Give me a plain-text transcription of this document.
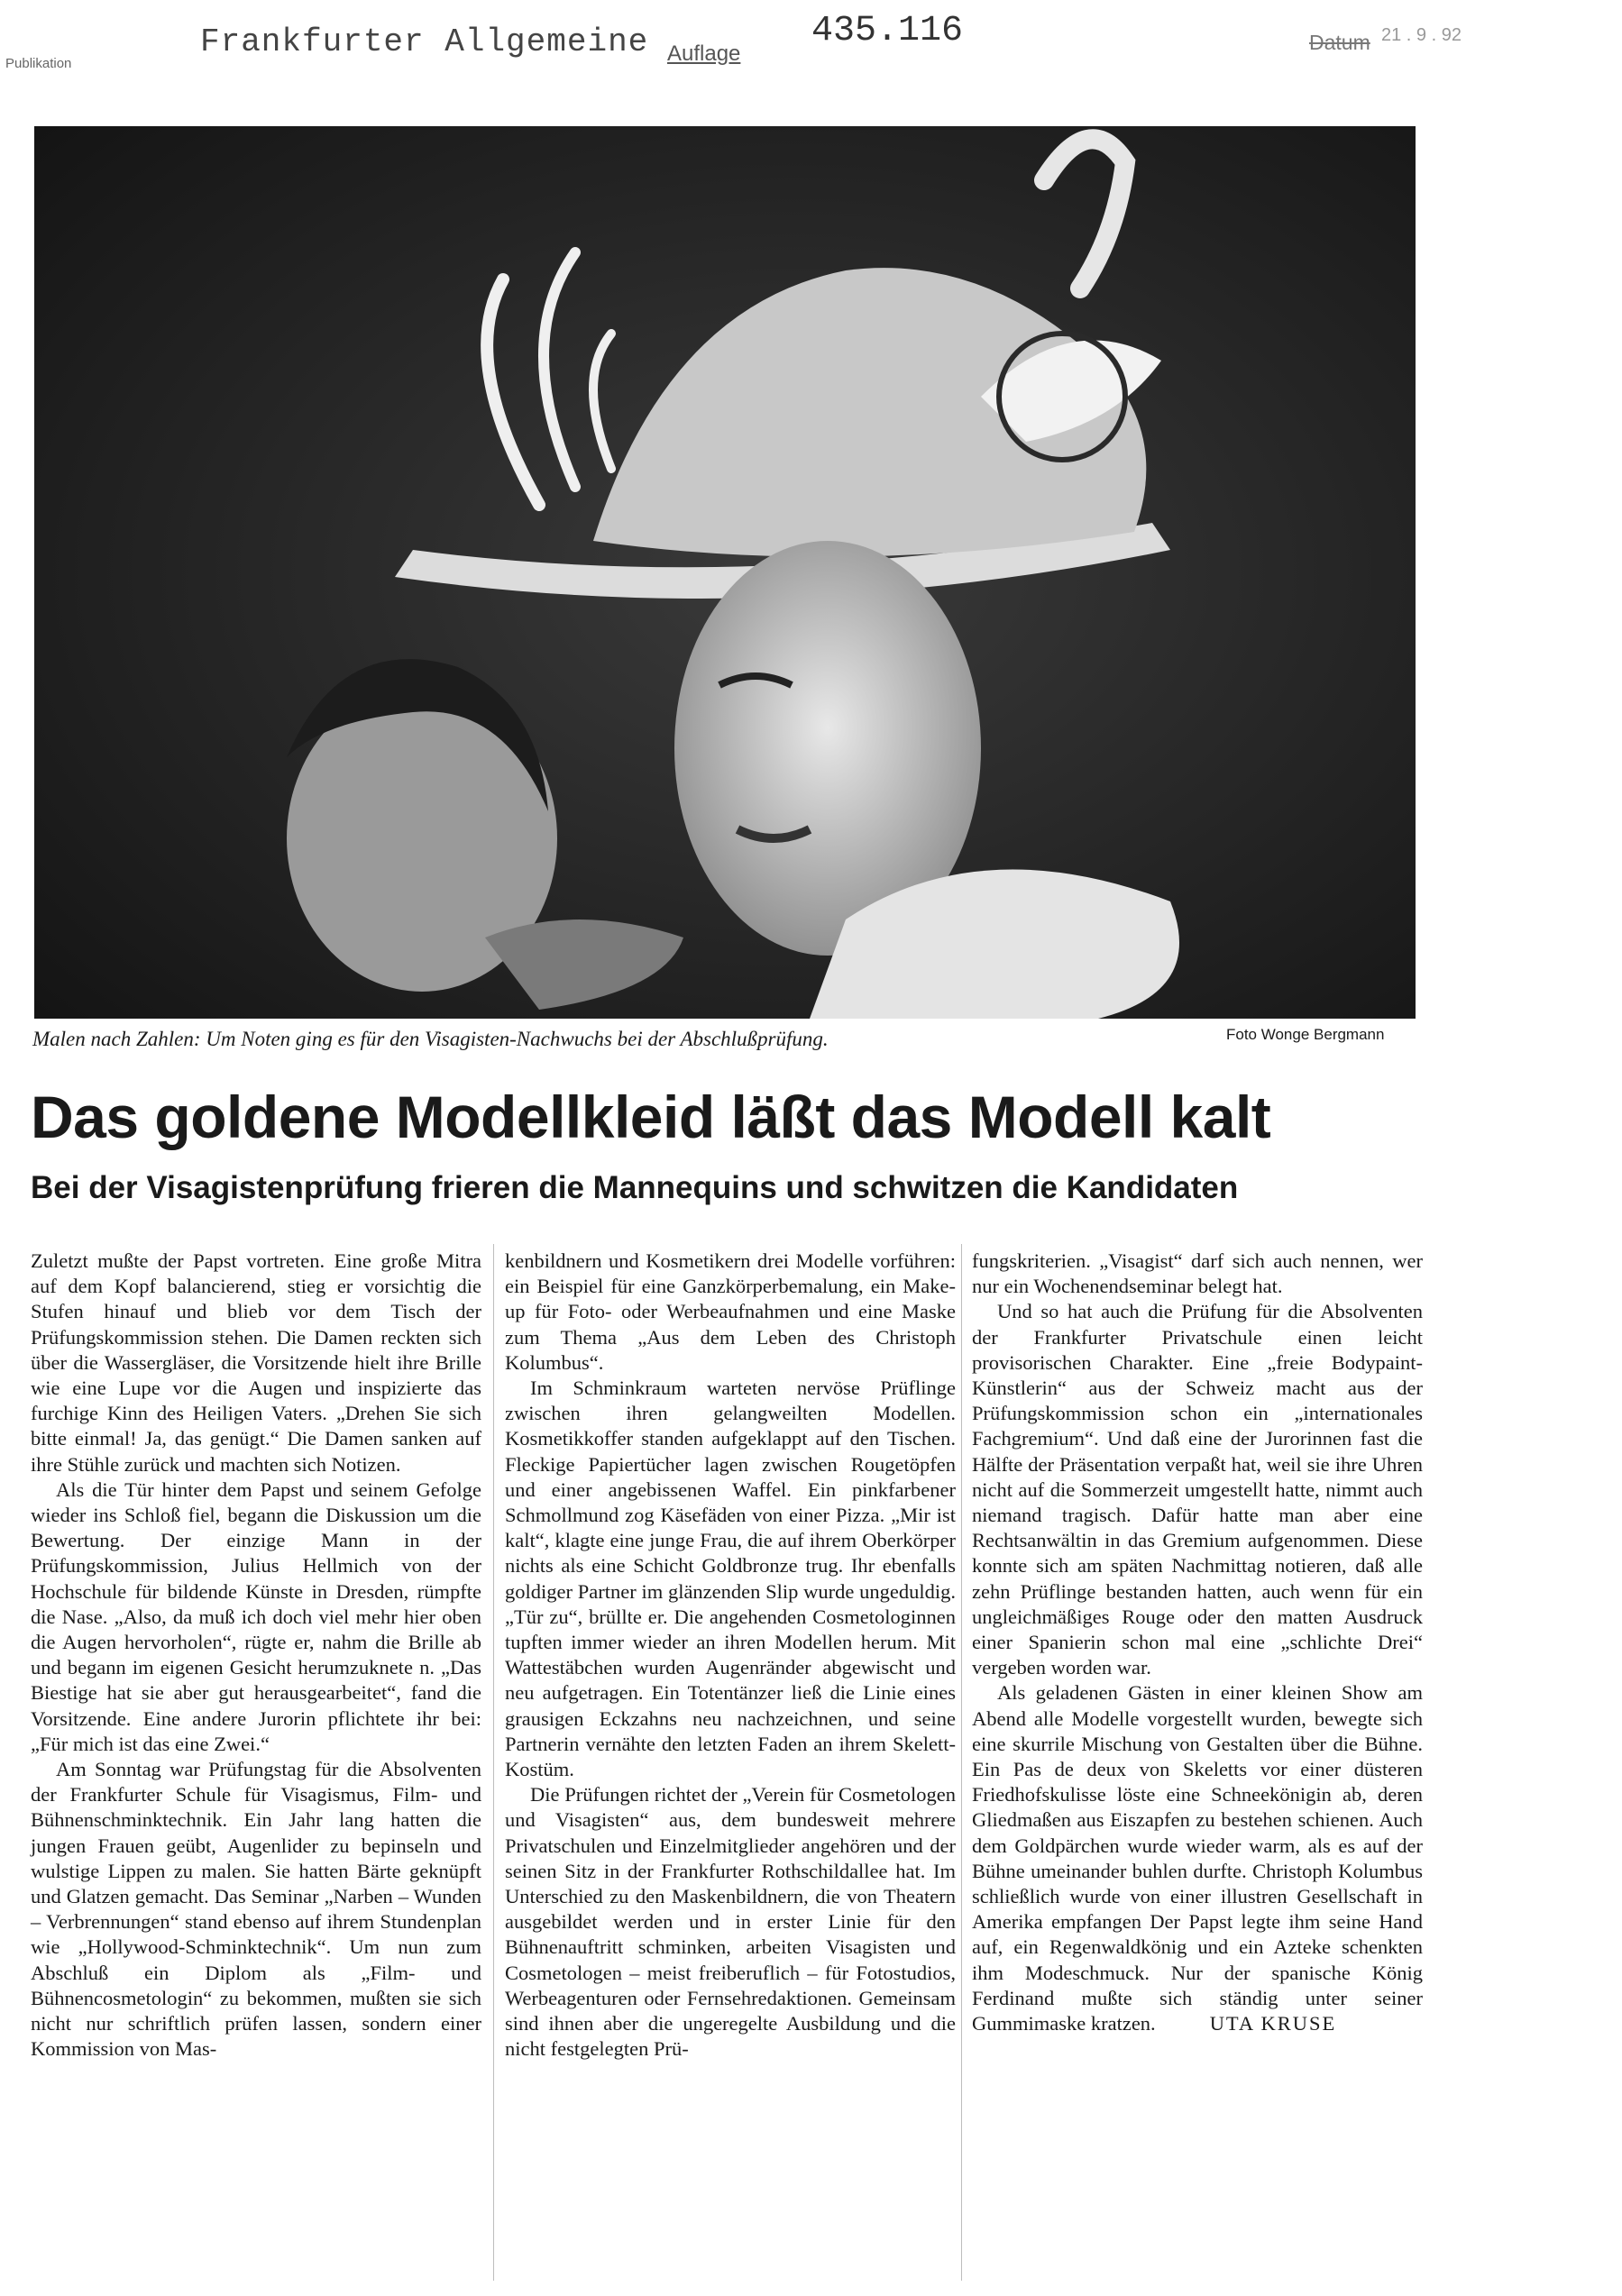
Publikation
Frankfurter Allgemeine Auflage
435.116	Datum 21 . 9 . 92
Malen nach Zahlen: Um Noten ging es für den Visagisten-Nachwuchs bei der Abschlußprüfung.	Foto Wonge Bergmann
Das goldene Modellkleid läßt das Modell kalt
Bei der Visagistenprüfung frieren die Mannequins und schwitzen die Kandidaten

Zuletzt mußte der Papst vortreten. Eine große Mitra auf dem Kopf balancierend, stieg er vorsichtig die Stufen hinauf und blieb vor dem Tisch der Prüfungskommission stehen. Die Damen reckten sich über die Wassergläser, die Vorsitzende hielt ihre Brille wie eine Lupe vor die Augen und inspizierte das furchige Kinn des Heiligen Vaters. „Drehen Sie sich bitte einmal! Ja, das genügt.“ Die Damen sanken auf ihre Stühle zurück und machten sich Notizen.

Als die Tür hinter dem Papst und seinem Gefolge wieder ins Schloß fiel, begann die Diskussion um die Bewertung. Der einzige Mann in der Prüfungskommission, Julius Hellmich von der Hochschule für bildende Künste in Dresden, rümpfte die Nase. „Also, da muß ich doch viel mehr hier oben die Augen hervorholen“, rügte er, nahm die Brille ab und begann im eigenen Gesicht herumzuknete n. „Das Biestige hat sie aber gut herausgearbeitet“, fand die Vorsitzende. Eine andere Jurorin pflichtete ihr bei: „Für mich ist das eine Zwei.“

Am Sonntag war Prüfungstag für die Absolventen der Frankfurter Schule für Visagismus, Film- und Bühnenschminktechnik. Ein Jahr lang hatten die jungen Frauen geübt, Augenlider zu bepinseln und wulstige Lippen zu malen. Sie hatten Bärte geknüpft und Glatzen gemacht. Das Seminar „Narben – Wunden – Verbrennungen“ stand ebenso auf ihrem Stundenplan wie „Hollywood-Schminktechnik“. Um nun zum Abschluß ein Diplom als „Film- und Bühnencosmetologin“ zu bekommen, mußten sie sich nicht nur schriftlich prüfen lassen, sondern einer Kommission von Mas-

kenbildnern und Kosmetikern drei Modelle vorführen: ein Beispiel für eine Ganzkörperbemalung, ein Make-up für Foto- oder Werbeaufnahmen und eine Maske zum Thema „Aus dem Leben des Christoph Kolumbus“.

Im Schminkraum warteten nervöse Prüflinge zwischen ihren gelangweilten Modellen. Kosmetikkoffer standen aufgeklappt auf den Tischen. Fleckige Papiertücher lagen zwischen Rougetöpfen und einer angebissenen Waffel. Ein pinkfarbener Schmollmund zog Käsefäden von einer Pizza. „Mir ist kalt“, klagte eine junge Frau, die auf ihrem Oberkörper nichts als eine Schicht Goldbronze trug. Ihr ebenfalls goldiger Partner im glänzenden Slip wurde ungeduldig. „Tür zu“, brüllte er. Die angehenden Cosmetologinnen tupften immer wieder an ihren Modellen herum. Mit Wattestäbchen wurden Augenränder abgewischt und neu aufgetragen. Ein Totentänzer ließ die Linie eines grausigen Eckzahns neu nachzeichnen, und seine Partnerin vernähte den letzten Faden an ihrem Skelett-Kostüm.

Die Prüfungen richtet der „Verein für Cosmetologen und Visagisten“ aus, dem bundesweit mehrere Privatschulen und Einzelmitglieder angehören und der seinen Sitz in der Frankfurter Rothschildallee hat. Im Unterschied zu den Maskenbildnern, die von Theatern ausgebildet werden und in erster Linie für den Bühnenauftritt schminken, arbeiten Visagisten und Cosmetologen – meist freiberuflich – für Fotostudios, Werbeagenturen oder Fernsehredaktionen. Gemeinsam sind ihnen aber die ungeregelte Ausbildung und die nicht festgelegten Prü-

fungskriterien. „Visagist“ darf sich auch nennen, wer nur ein Wochenendseminar belegt hat.

Und so hat auch die Prüfung für die Absolventen der Frankfurter Privatschule einen leicht provisorischen Charakter. Eine „freie Bodypaint-Künstlerin“ aus der Schweiz macht aus der Prüfungskommission schon ein „internationales Fachgremium“. Und daß eine der Jurorinnen fast die Hälfte der Präsentation verpaßt hat, weil sie ihre Uhren nicht auf die Sommerzeit umgestellt hatte, nimmt auch niemand tragisch. Dafür hatte man aber eine Rechtsanwältin in das Gremium aufgenommen. Diese konnte sich am späten Nachmittag notieren, daß alle zehn Prüflinge bestanden hatten, auch wenn für ein ungleichmäßiges Rouge oder den matten Ausdruck einer Spanierin schon mal eine „schlichte Drei“ vergeben worden war.

Als geladenen Gästen in einer kleinen Show am Abend alle Modelle vorgestellt wurden, bewegte sich eine skurrile Mischung von Gestalten über die Bühne. Ein Pas de deux von Skeletts vor einer düsteren Friedhofskulisse löste eine Schneekönigin ab, deren Gliedmaßen aus Eiszapfen zu bestehen schienen. Auch dem Goldpärchen wurde wieder warm, als es auf der Bühne umeinander buhlen durfte. Christoph Kolumbus schließlich wurde von einer illustren Gesellschaft in Amerika empfangen Der Papst legte ihm seine Hand auf, ein Regenwaldkönig und ein Azteke schenkten ihm Modeschmuck. Nur der spanische König Ferdinand mußte sich ständig unter seiner Gummimaske kratzen.	UTA KRUSE
